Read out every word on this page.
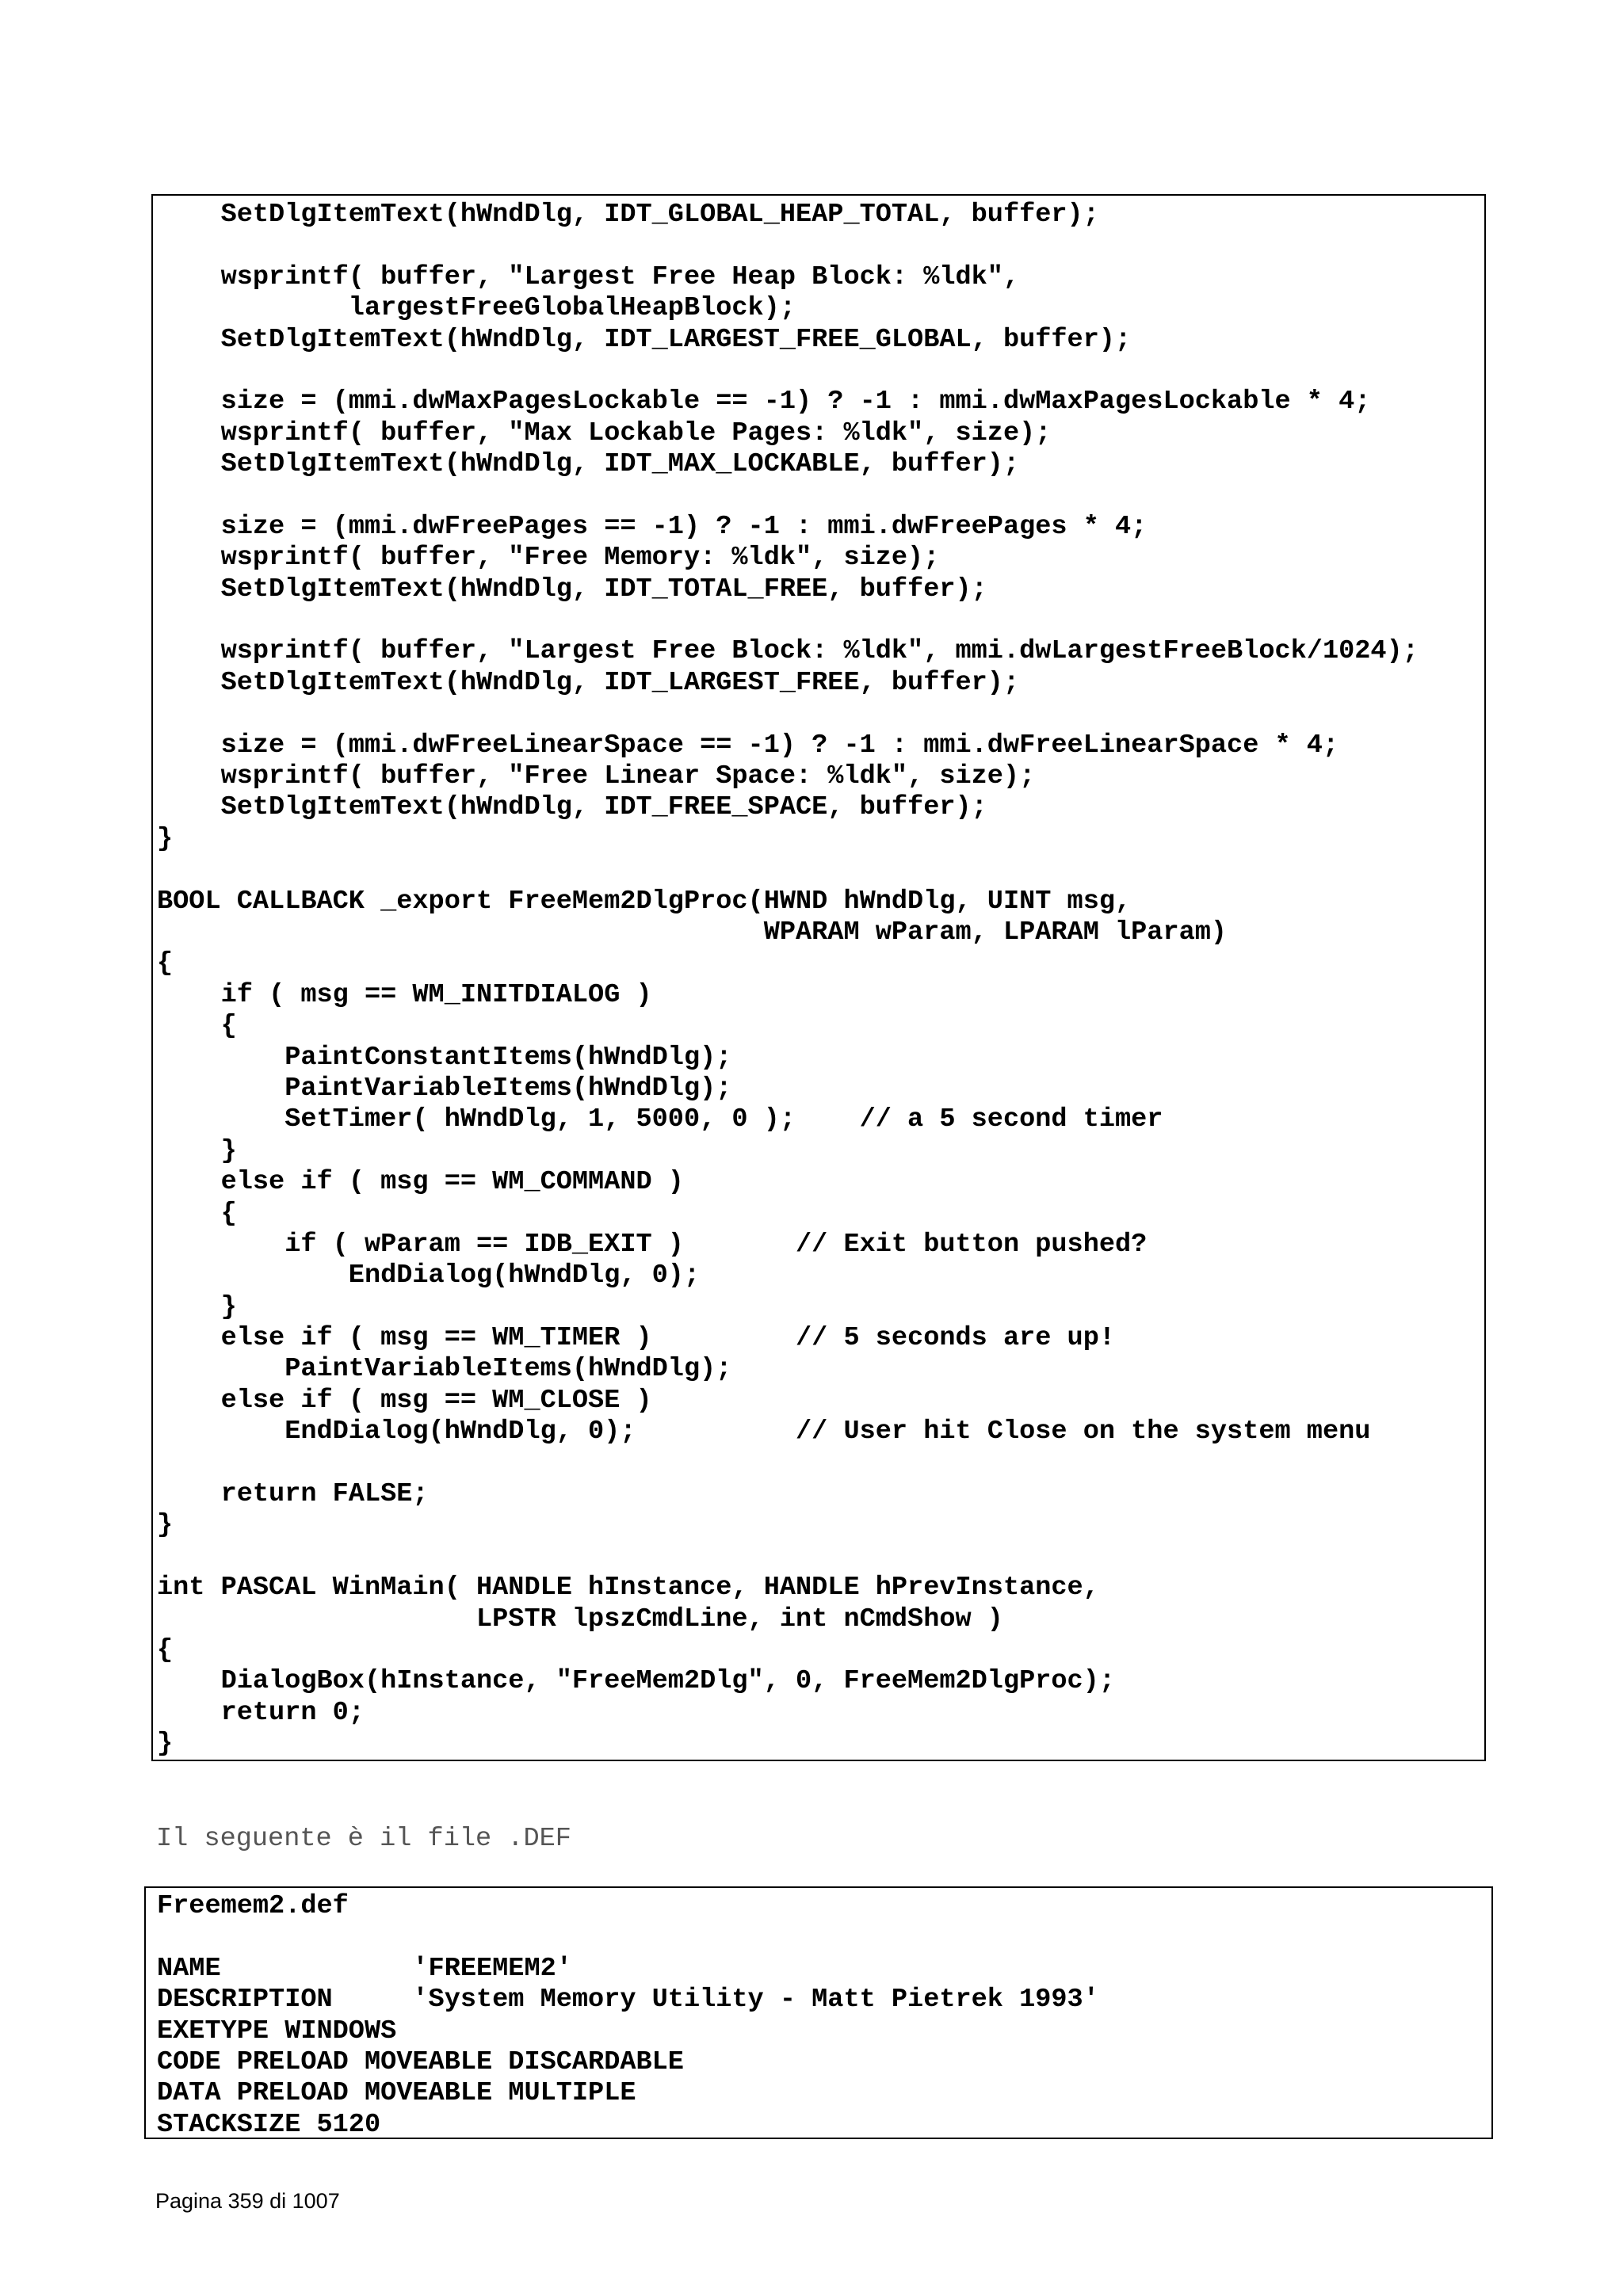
SetDlgItemText(hWndDlg, IDT_GLOBAL_HEAP_TOTAL, buffer);
wsprintf( buffer, "Largest Free Heap Block: %ldk",
largestFreeGlobalHeapBlock);
SetDlgItemText(hWndDlg, IDT_LARGEST_FREE_GLOBAL, buffer);
size = (mmi.dwMaxPagesLockable == -1) ? -1 : mmi.dwMaxPagesLockable * 4;
wsprintf( buffer, "Max Lockable Pages: %ldk", size);
SetDlgItemText(hWndDlg, IDT_MAX_LOCKABLE, buffer);
size = (mmi.dwFreePages == -1) ? -1 : mmi.dwFreePages * 4;
wsprintf( buffer, "Free Memory: %ldk", size);
SetDlgItemText(hWndDlg, IDT_TOTAL_FREE, buffer);
wsprintf( buffer, "Largest Free Block: %ldk", mmi.dwLargestFreeBlock/1024);
SetDlgItemText(hWndDlg, IDT_LARGEST_FREE, buffer);
size = (mmi.dwFreeLinearSpace == -1) ? -1 : mmi.dwFreeLinearSpace * 4;
wsprintf( buffer, "Free Linear Space: %ldk", size);
SetDlgItemText(hWndDlg, IDT_FREE_SPACE, buffer);
}
BOOL CALLBACK _export FreeMem2DlgProc(HWND hWndDlg, UINT msg,
WPARAM wParam, LPARAM lParam)
{
if ( msg == WM_INITDIALOG )
{
PaintConstantItems(hWndDlg);
PaintVariableItems(hWndDlg);
SetTimer( hWndDlg, 1, 5000, 0 );    // a 5 second timer
}
else if ( msg == WM_COMMAND )
{
if ( wParam == IDB_EXIT )       // Exit button pushed?
EndDialog(hWndDlg, 0);
}
else if ( msg == WM_TIMER )         // 5 seconds are up!
PaintVariableItems(hWndDlg);
else if ( msg == WM_CLOSE )
EndDialog(hWndDlg, 0);          // User hit Close on the system menu
return FALSE;
}
int PASCAL WinMain( HANDLE hInstance, HANDLE hPrevInstance,
LPSTR lpszCmdLine, int nCmdShow )
{
DialogBox(hInstance, "FreeMem2Dlg", 0, FreeMem2DlgProc);
return 0;
}
Il seguente è il file .DEF
Freemem2.def
NAME            'FREEMEM2'
DESCRIPTION     'System Memory Utility - Matt Pietrek 1993'
EXETYPE WINDOWS
CODE PRELOAD MOVEABLE DISCARDABLE
DATA PRELOAD MOVEABLE MULTIPLE
STACKSIZE 5120
Pagina 359 di 1007
